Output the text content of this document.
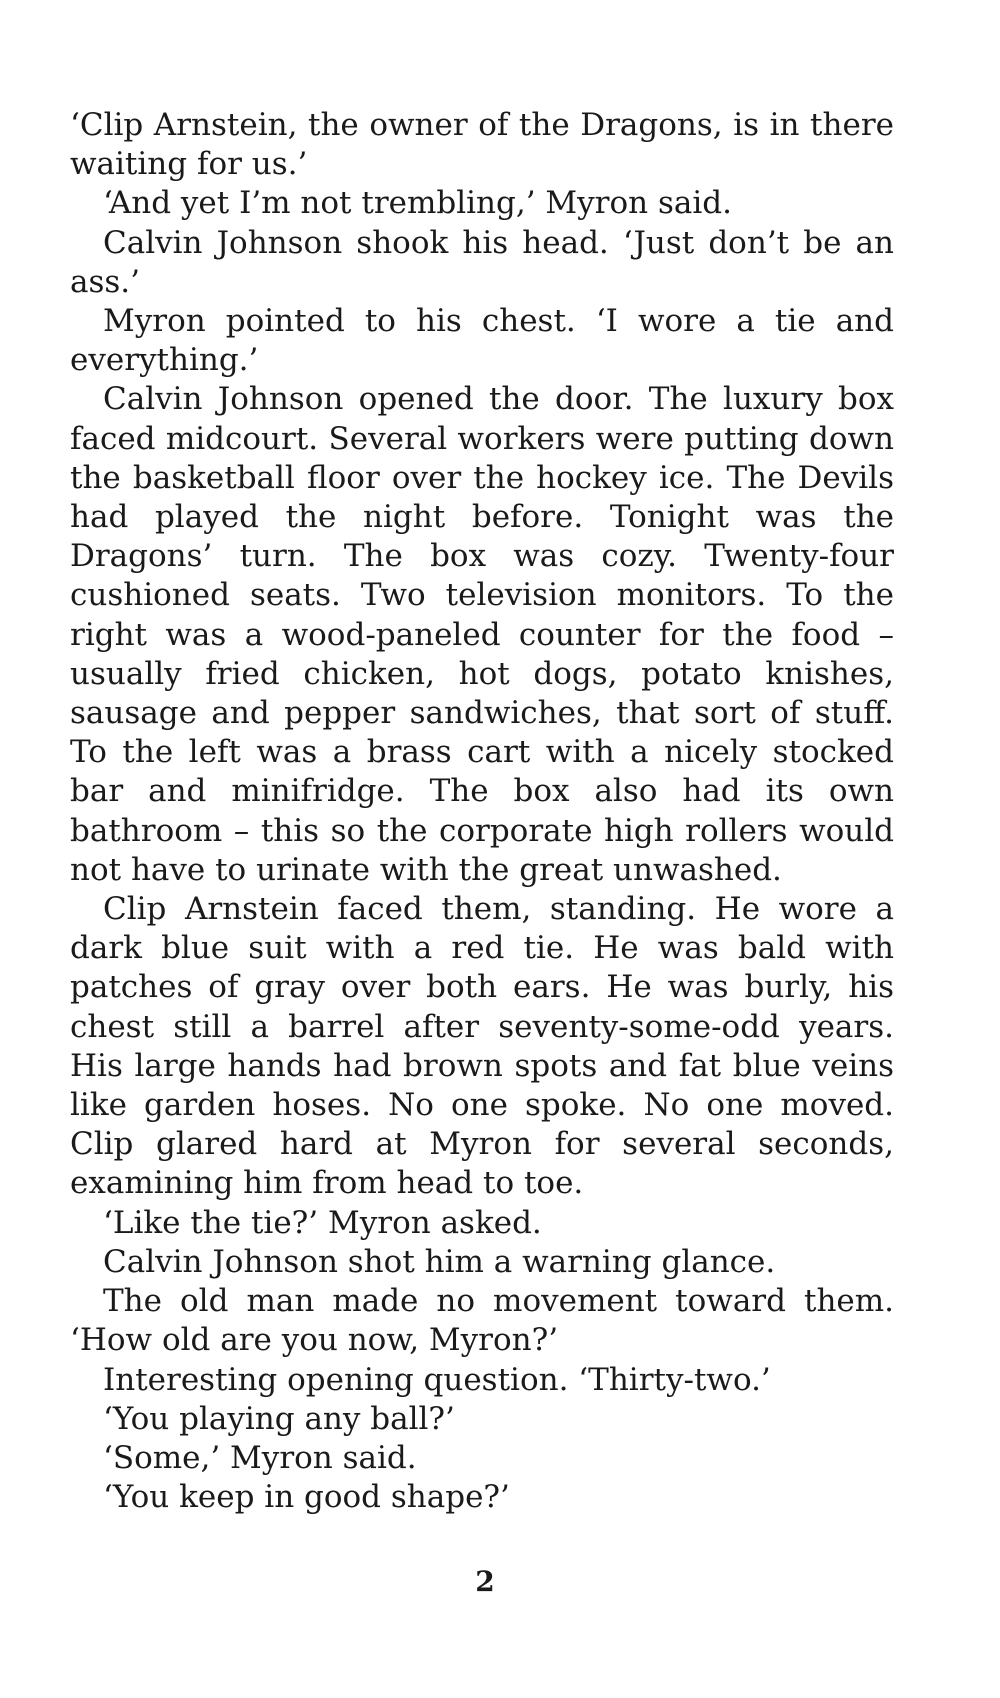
‘Clip Arnstein, the owner of the Dragons, is in there waiting for us.’

‘And yet I’m not trembling,’ Myron said.

Calvin Johnson shook his head. ‘Just don’t be an ass.’

Myron pointed to his chest. ‘I wore a tie and everything.’

Calvin Johnson opened the door. The luxury box faced midcourt. Several workers were putting down the basketball floor over the hockey ice. The Devils had played the night before. Tonight was the Dragons’ turn. The box was cozy. Twenty-four cushioned seats. Two television monitors. To the right was a wood-paneled counter for the food – usually fried chicken, hot dogs, potato knishes, sausage and pepper sandwiches, that sort of stuff. To the left was a brass cart with a nicely stocked bar and minifridge. The box also had its own bathroom – this so the corporate high rollers would not have to urinate with the great unwashed.

Clip Arnstein faced them, standing. He wore a dark blue suit with a red tie. He was bald with patches of gray over both ears. He was burly, his chest still a barrel after seventy-some-odd years. His large hands had brown spots and fat blue veins like garden hoses. No one spoke. No one moved. Clip glared hard at Myron for several seconds, examining him from head to toe.

‘Like the tie?’ Myron asked.

Calvin Johnson shot him a warning glance.

The old man made no movement toward them. ‘How old are you now, Myron?’

Interesting opening question. ‘Thirty-two.’

‘You playing any ball?’

‘Some,’ Myron said.

‘You keep in good shape?’

2
